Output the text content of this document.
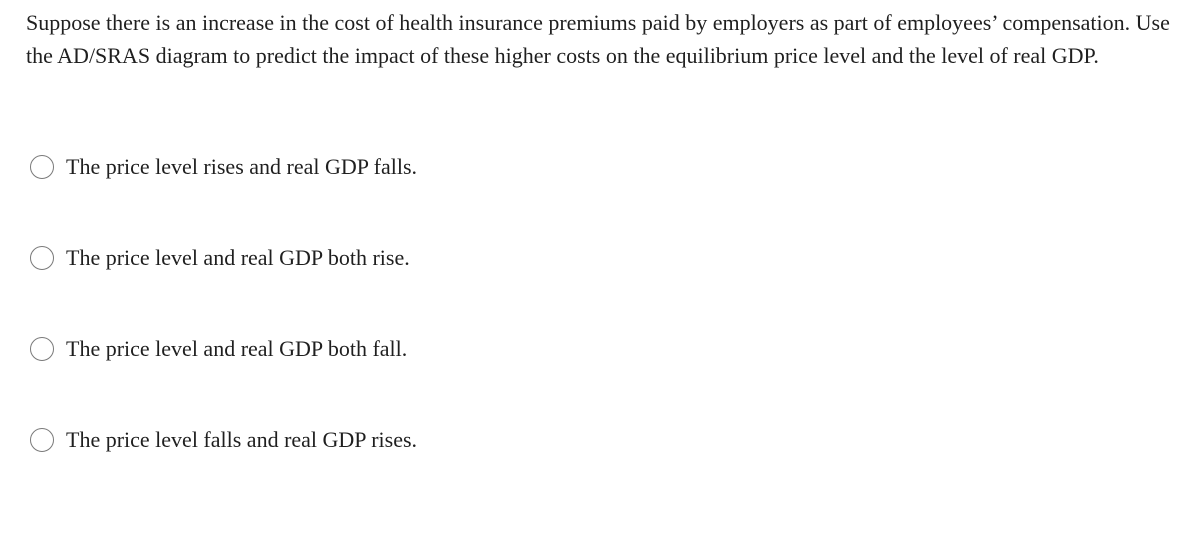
Suppose there is an increase in the cost of health insurance premiums paid by employers as part of employees’ compensation. Use the AD/SRAS diagram to predict the impact of these higher costs on the equilibrium price level and the level of real GDP.

The price level rises and real GDP falls.
The price level and real GDP both rise.
The price level and real GDP both fall.
The price level falls and real GDP rises.
